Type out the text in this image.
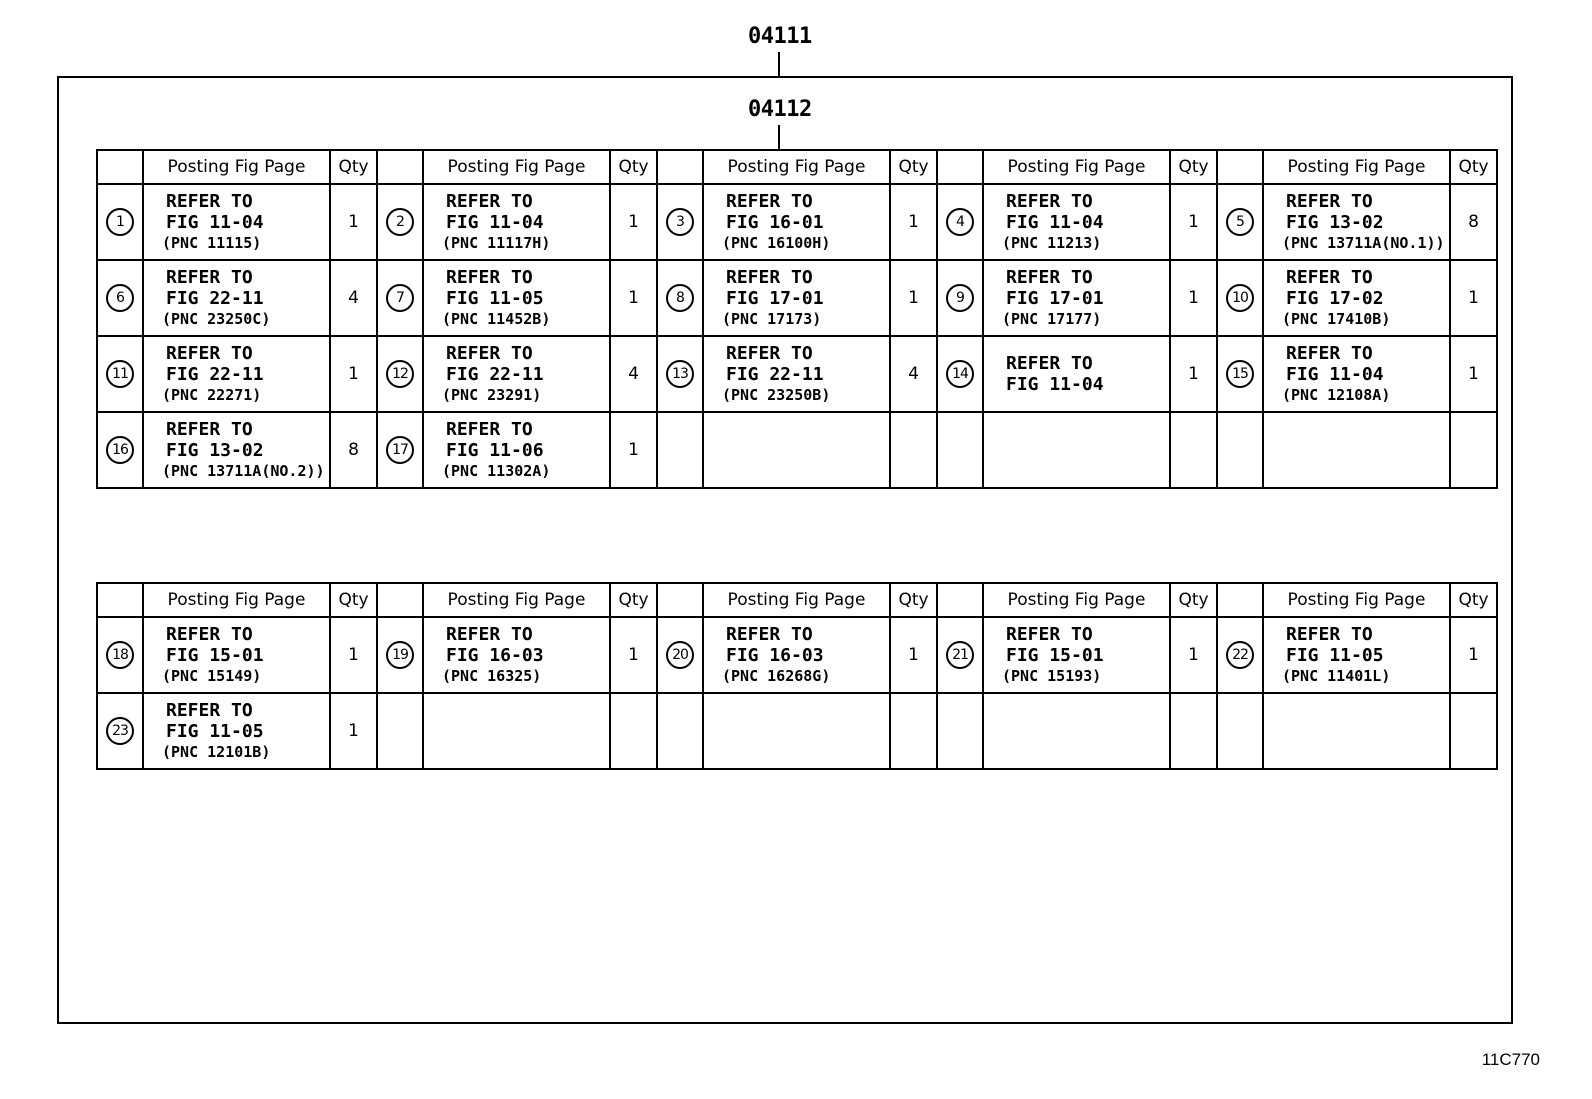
04111
04112
	Posting Fig Page	Qty		Posting Fig Page	Qty		Posting Fig Page	Qty		Posting Fig Page	Qty		Posting Fig Page	Qty
1	REFER TO
FIG 11-04
(PNC 11115)	1	2	REFER TO
FIG 11-04
(PNC 11117H)	1	3	REFER TO
FIG 16-01
(PNC 16100H)	1	4	REFER TO
FIG 11-04
(PNC 11213)	1	5	REFER TO
FIG 13-02
(PNC 13711A(NO.1))	8
6	REFER TO
FIG 22-11
(PNC 23250C)	4	7	REFER TO
FIG 11-05
(PNC 11452B)	1	8	REFER TO
FIG 17-01
(PNC 17173)	1	9	REFER TO
FIG 17-01
(PNC 17177)	1	10	REFER TO
FIG 17-02
(PNC 17410B)	1
11	REFER TO
FIG 22-11
(PNC 22271)	1	12	REFER TO
FIG 22-11
(PNC 23291)	4	13	REFER TO
FIG 22-11
(PNC 23250B)	4	14	REFER TO
FIG 11-04	1	15	REFER TO
FIG 11-04
(PNC 12108A)	1
16	REFER TO
FIG 13-02
(PNC 13711A(NO.2))	8	17	REFER TO
FIG 11-06
(PNC 11302A)	1									
	Posting Fig Page	Qty		Posting Fig Page	Qty		Posting Fig Page	Qty		Posting Fig Page	Qty		Posting Fig Page	Qty
18	REFER TO
FIG 15-01
(PNC 15149)	1	19	REFER TO
FIG 16-03
(PNC 16325)	1	20	REFER TO
FIG 16-03
(PNC 16268G)	1	21	REFER TO
FIG 15-01
(PNC 15193)	1	22	REFER TO
FIG 11-05
(PNC 11401L)	1
23	REFER TO
FIG 11-05
(PNC 12101B)	1												
11C770
